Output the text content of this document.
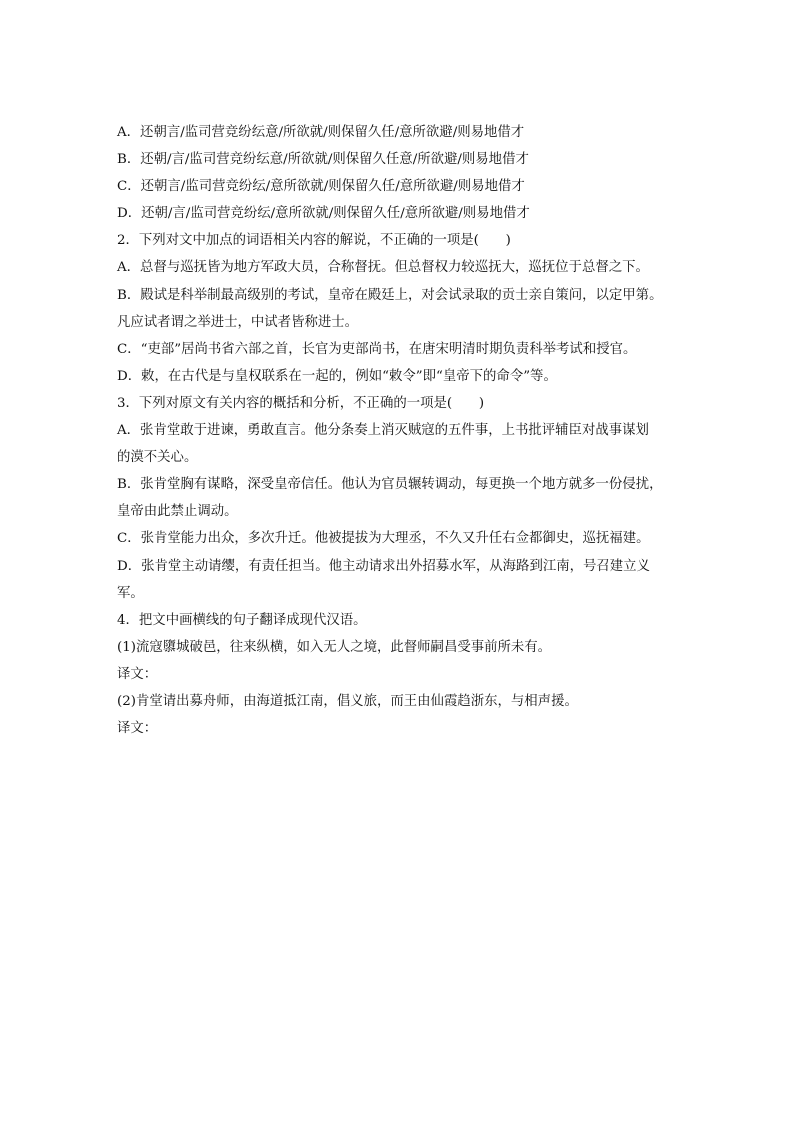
A．还朝言/监司营竞纷纭意/所欲就/则保留久任/意所欲避/则易地借才
B．还朝/言/监司营竞纷纭意/所欲就/则保留久任意/所欲避/则易地借才
C．还朝言/监司营竞纷纭/意所欲就/则保留久任/意所欲避/则易地借才
D．还朝/言/监司营竞纷纭/意所欲就/则保留久任/意所欲避/则易地借才
2．下列对文中加点的词语相关内容的解说，不正确的一项是(　　)
A．总督与巡抚皆为地方军政大员，合称督抚。但总督权力较巡抚大，巡抚位于总督之下。
B．殿试是科举制最高级别的考试，皇帝在殿廷上，对会试录取的贡士亲自策问，以定甲第。
凡应试者谓之举进士，中试者皆称进士。
C．“吏部”居尚书省六部之首，长官为吏部尚书，在唐宋明清时期负责科举考试和授官。
D．敕，在古代是与皇权联系在一起的，例如“敕令”即“皇帝下的命令”等。
3．下列对原文有关内容的概括和分析，不正确的一项是(　　)
A．张肯堂敢于进谏，勇敢直言。他分条奏上消灭贼寇的五件事，上书批评辅臣对战事谋划
的漠不关心。
B．张肯堂胸有谋略，深受皇帝信任。他认为官员辗转调动，每更换一个地方就多一份侵扰，
皇帝由此禁止调动。
C．张肯堂能力出众，多次升迁。他被提拔为大理丞，不久又升任右佥都御史，巡抚福建。
D．张肯堂主动请缨，有责任担当。他主动请求出外招募水军，从海路到江南，号召建立义
军。
4．把文中画横线的句子翻译成现代汉语。
(1)流寇隳城破邑，往来纵横，如入无人之境，此督师嗣昌受事前所未有。
译文：
(2)肯堂请出募舟师，由海道抵江南，倡义旅，而王由仙霞趋浙东，与相声援。
译文：
